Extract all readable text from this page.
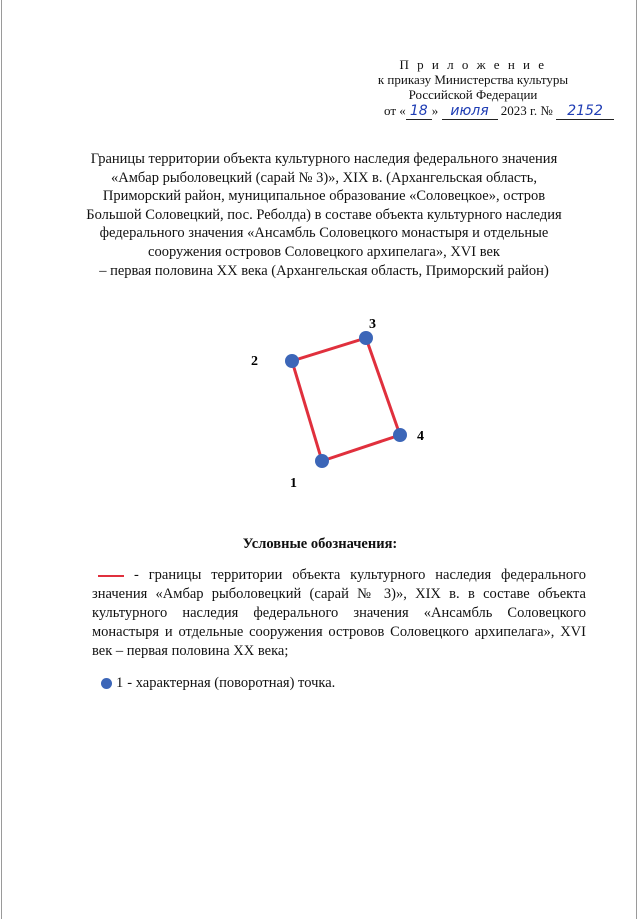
П р и л о ж е н и е
к приказу Министерства культуры
Российской Федерации
от « 18 » июля 2023 г. № 2152
Границы территории объекта культурного наследия федерального значения
«Амбар рыболовецкий (сарай № 3)», XIX в. (Архангельская область,
Приморский район, муниципальное образование «Соловецкое», остров
Большой Соловецкий, пос. Реболда) в составе объекта культурного наследия
федерального значения «Ансамбль Соловецкого монастыря и отдельные
сооружения островов Соловецкого архипелага», XVI век
– первая половина XX века (Архангельская область, Приморский район)
1
2
3
4
Условные обозначения:
- границы территории объекта культурного наследия федерального значения «Амбар рыболовецкий (сарай № 3)», XIX в. в составе объекта культурного наследия федерального значения «Ансамбль Соловецкого монастыря и отдельные сооружения островов Соловецкого архипелага», XVI век – первая половина XX века;
1 - характерная (поворотная) точка.
